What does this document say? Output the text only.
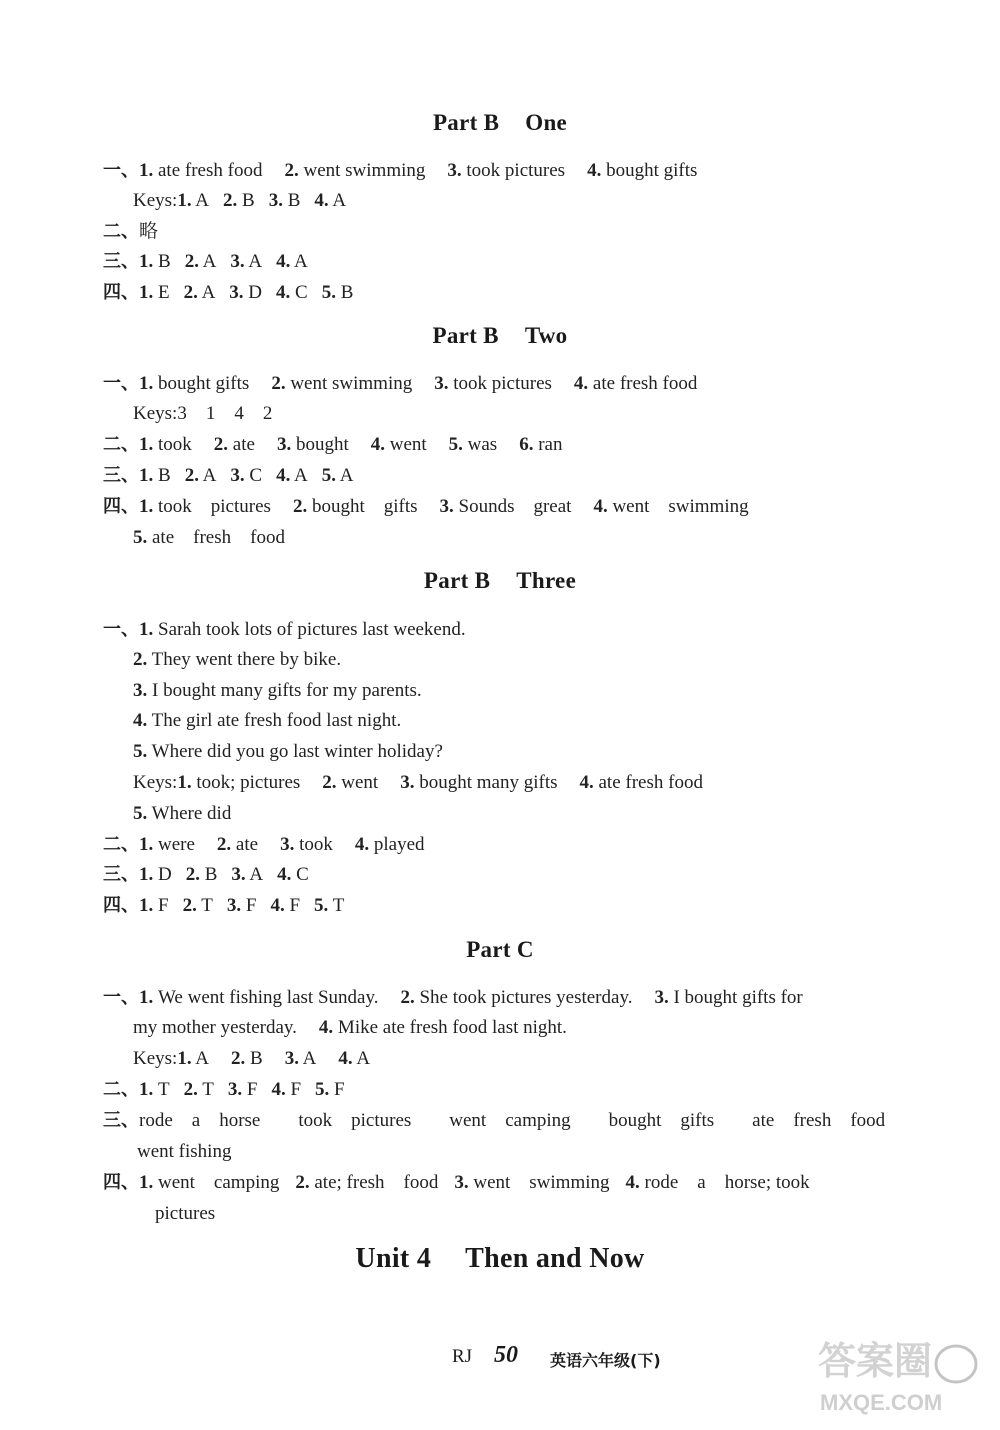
Part B One
一、1. ate fresh food 2. went swimming 3. took pictures 4. bought gifts
Keys:1. A 2. B 3. B 4. A
二、略
三、1. B 2. A 3. A 4. A
四、1. E 2. A 3. D 4. C 5. B
Part B Two
一、1. bought gifts 2. went swimming 3. took pictures 4. ate fresh food
Keys:3　1　4　2
二、1. took 2. ate 3. bought 4. went 5. was 6. ran
三、1. B 2. A 3. C 4. A 5. A
四、1. took　pictures 2. bought　gifts 3. Sounds　great 4. went　swimming
5. ate　fresh　food
Part B Three
一、1. Sarah took lots of pictures last weekend.
2. They went there by bike.
3. I bought many gifts for my parents.
4. The girl ate fresh food last night.
5. Where did you go last winter holiday?
Keys:1. took; pictures 2. went 3. bought many gifts 4. ate fresh food
5. Where did
二、1. were 2. ate 3. took 4. played
三、1. D 2. B 3. A 4. C
四、1. F 2. T 3. F 4. F 5. T
Part C
一、1. We went fishing last Sunday. 2. She took pictures yesterday. 3. I bought gifts for
my mother yesterday. 4. Mike ate fresh food last night.
Keys:1. A 2. B 3. A 4. A
二、1. T 2. T 3. F 4. F 5. F
三、rode　a　horse　　took　pictures　　went　camping　　bought　gifts　　ate　fresh　food
went fishing
四、1. went　camping 2. ate; fresh　food 3. went　swimming 4. rode　a　horse; took
pictures
Unit 4 Then and Now
RJ 50 英语六年级(下)	答案圈
MXQE.COM
